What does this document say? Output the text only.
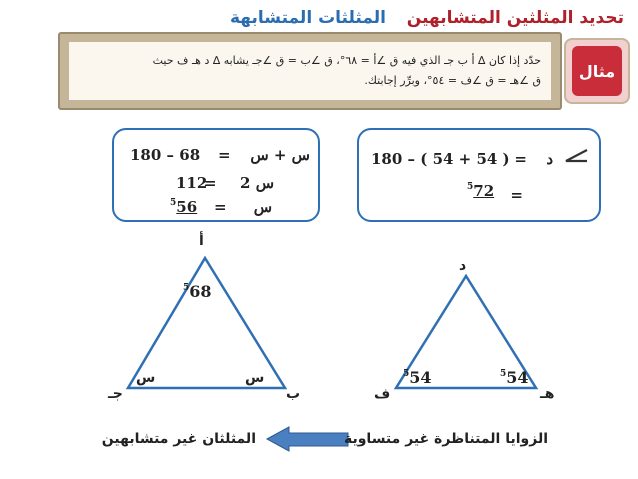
تحديد المثلثين المتشابهين
المثلثات المتشابهة
حدّد إذا كان ∆ أ ب جـ الذي فيه ق ∠أ = ٦٨°، ق ∠ب = ق ∠جـ يشابه ∆ د هـ ف حيث
ق ∠هـ = ق ∠ف = ٥٤°، وبرِّر إجابتك.	مثال
س + س
=
180 – 68
2 س
=
112
س
=
$^5$56
د
=
180 – ( 54 + 54 )
=
$^5$72
أ
ب
جـ
$^5$68
س
س
د
ف	هـ
$^5$54	$^5$54
الزوايا المتناظرة غير متساوية
المثلثان غير متشابهين
